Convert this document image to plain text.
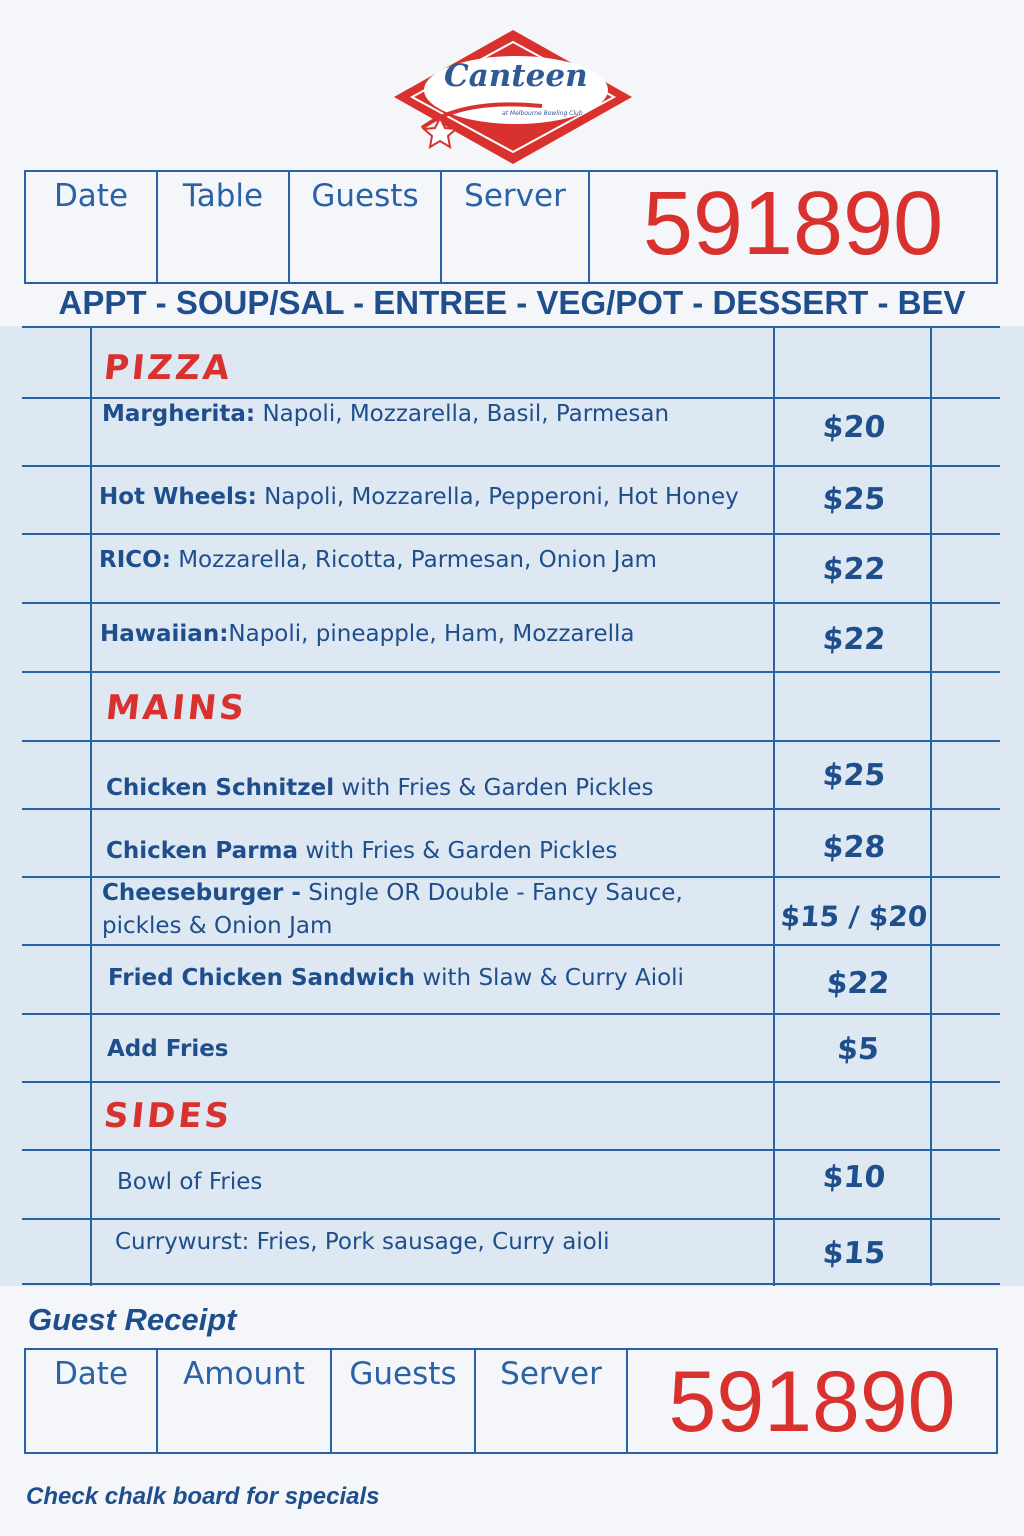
Canteen
at Melbourne Bowling Club
Date	Table	Guests	Server 591890
APPT - SOUP/SAL - ENTREE - VEG/POT - DESSERT - BEV
PIZZA
Margherita: Napoli, Mozzarella, Basil, Parmesan	$20
Hot Wheels: Napoli, Mozzarella, Pepperoni, Hot Honey	$25
RICO: Mozzarella, Ricotta, Parmesan, Onion Jam	$22
Hawaiian:Napoli, pineapple, Ham, Mozzarella	$22
MAINS
Chicken Schnitzel with Fries & Garden Pickles	$25
Chicken Parma with Fries & Garden Pickles	$28
Cheeseburger - Single OR Double - Fancy Sauce, pickles & Onion Jam	$15 / $20
Fried Chicken Sandwich with Slaw & Curry Aioli	$22
Add Fries	$5
SIDES
Bowl of Fries	$10
Currywurst: Fries, Pork sausage, Curry aioli	$15
Guest Receipt
Date	Amount	Guests	Server 591890
Check chalk board for specials
